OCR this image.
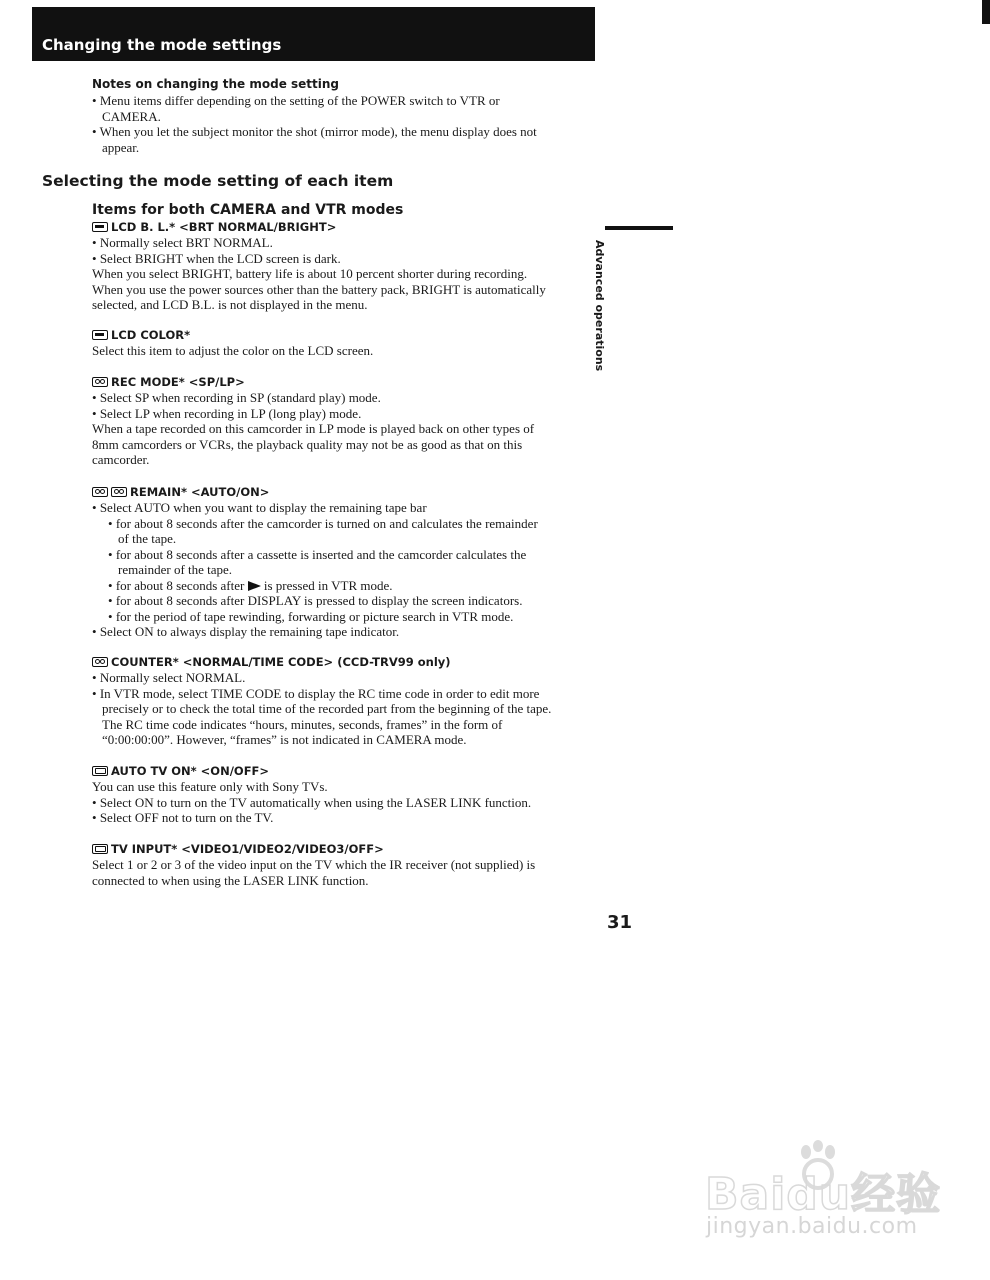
Changing the mode settings
Notes on changing the mode setting
• Menu items differ depending on the setting of the POWER switch to VTR or
CAMERA.
• When you let the subject monitor the shot (mirror mode), the menu display does not
appear.
Selecting the mode setting of each item
Items for both CAMERA and VTR modes
LCD B. L.* <BRT NORMAL/BRIGHT>
• Normally select BRT NORMAL.
• Select BRIGHT when the LCD screen is dark.
When you select BRIGHT, battery life is about 10 percent shorter during recording.
When you use the power sources other than the battery pack, BRIGHT is automatically
selected, and LCD B.L. is not displayed in the menu.
LCD COLOR*
Select this item to adjust the color on the LCD screen.
REC MODE* <SP/LP>
• Select SP when recording in SP (standard play) mode.
• Select LP when recording in LP (long play) mode.
When a tape recorded on this camcorder in LP mode is played back on other types of
8mm camcorders or VCRs, the playback quality may not be as good as that on this
camcorder.
REMAIN* <AUTO/ON>
• Select AUTO when you want to display the remaining tape bar
• for about 8 seconds after the camcorder is turned on and calculates the remainder
of the tape.
• for about 8 seconds after a cassette is inserted and the camcorder calculates the
remainder of the tape.
• for about 8 seconds after is pressed in VTR mode.
• for about 8 seconds after DISPLAY is pressed to display the screen indicators.
• for the period of tape rewinding, forwarding or picture search in VTR mode.
• Select ON to always display the remaining tape indicator.
COUNTER* <NORMAL/TIME CODE> (CCD-TRV99 only)
• Normally select NORMAL.
• In VTR mode, select TIME CODE to display the RC time code in order to edit more
precisely or to check the total time of the recorded part from the beginning of the tape.
The RC time code indicates “hours, minutes, seconds, frames” in the form of
“0:00:00:00”. However, “frames” is not indicated in CAMERA mode.
AUTO TV ON* <ON/OFF>
You can use this feature only with Sony TVs.
• Select ON to turn on the TV automatically when using the LASER LINK function.
• Select OFF not to turn on the TV.
TV INPUT* <VIDEO1/VIDEO2/VIDEO3/OFF>
Select 1 or 2 or 3 of the video input on the TV which the IR receiver (not supplied) is
connected to when using the LASER LINK function.
Advanced operations
31
Baidu经验
jingyan.baidu.com
